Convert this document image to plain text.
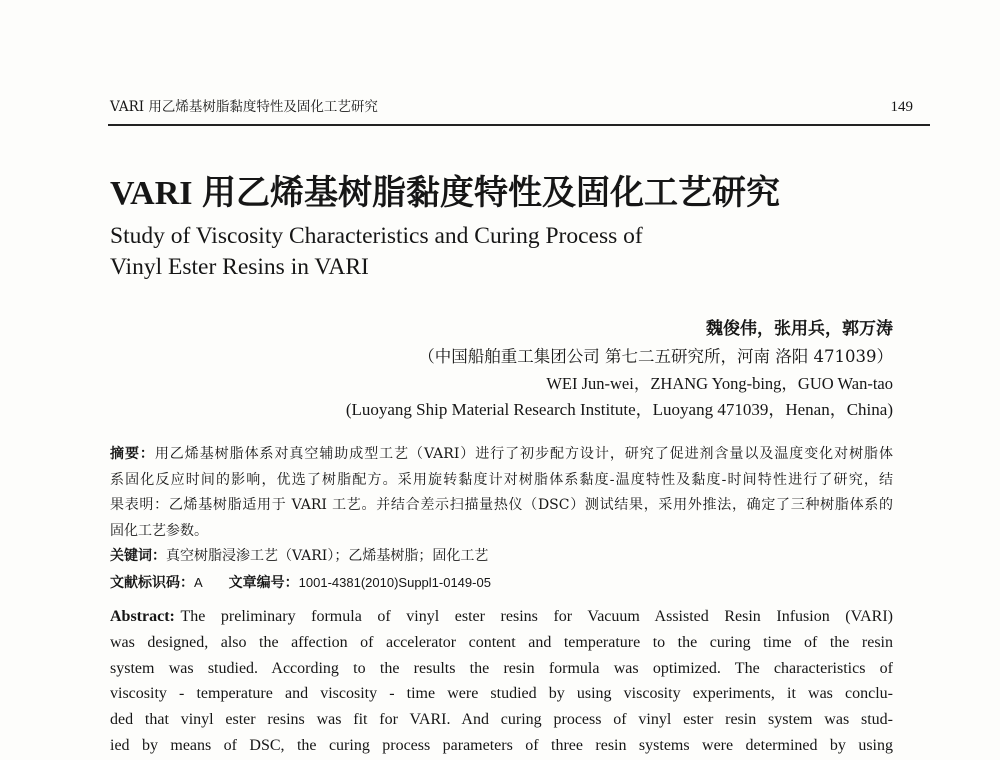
VARI 用乙烯基树脂黏度特性及固化工艺研究	149
VARI 用乙烯基树脂黏度特性及固化工艺研究
Study of Viscosity Characteristics and Curing Process of
Vinyl Ester Resins in VARI
魏俊伟，张用兵，郭万涛
（中国船舶重工集团公司 第七二五研究所，河南 洛阳 471039）
WEI Jun-wei，ZHANG Yong-bing，GUO Wan-tao
(Luoyang Ship Material Research Institute，Luoyang 471039，Henan，China)
摘要：用乙烯基树脂体系对真空辅助成型工艺（VARI）进行了初步配方设计，研究了促进剂含量以及温度变化对树脂体
系固化反应时间的影响，优选了树脂配方。采用旋转黏度计对树脂体系黏度-温度特性及黏度-时间特性进行了研究，结
果表明：乙烯基树脂适用于 VARI 工艺。并结合差示扫描量热仪（DSC）测试结果，采用外推法，确定了三种树脂体系的
固化工艺参数。
关键词：真空树脂浸渗工艺（VARI）；乙烯基树脂；固化工艺
文献标识码：A 文章编号：1001-4381(2010)Suppl1-0149-05
Abstract: The preliminary formula of vinyl ester resins for Vacuum Assisted Resin Infusion (VARI)
was designed, also the affection of accelerator content and temperature to the curing time of the resin
system was studied. According to the results the resin formula was optimized. The characteristics of
viscosity - temperature and viscosity - time were studied by using viscosity experiments, it was conclu-
ded that vinyl ester resins was fit for VARI. And curing process of vinyl ester resin system was stud-
ied by means of DSC, the curing process parameters of three resin systems were determined by using
